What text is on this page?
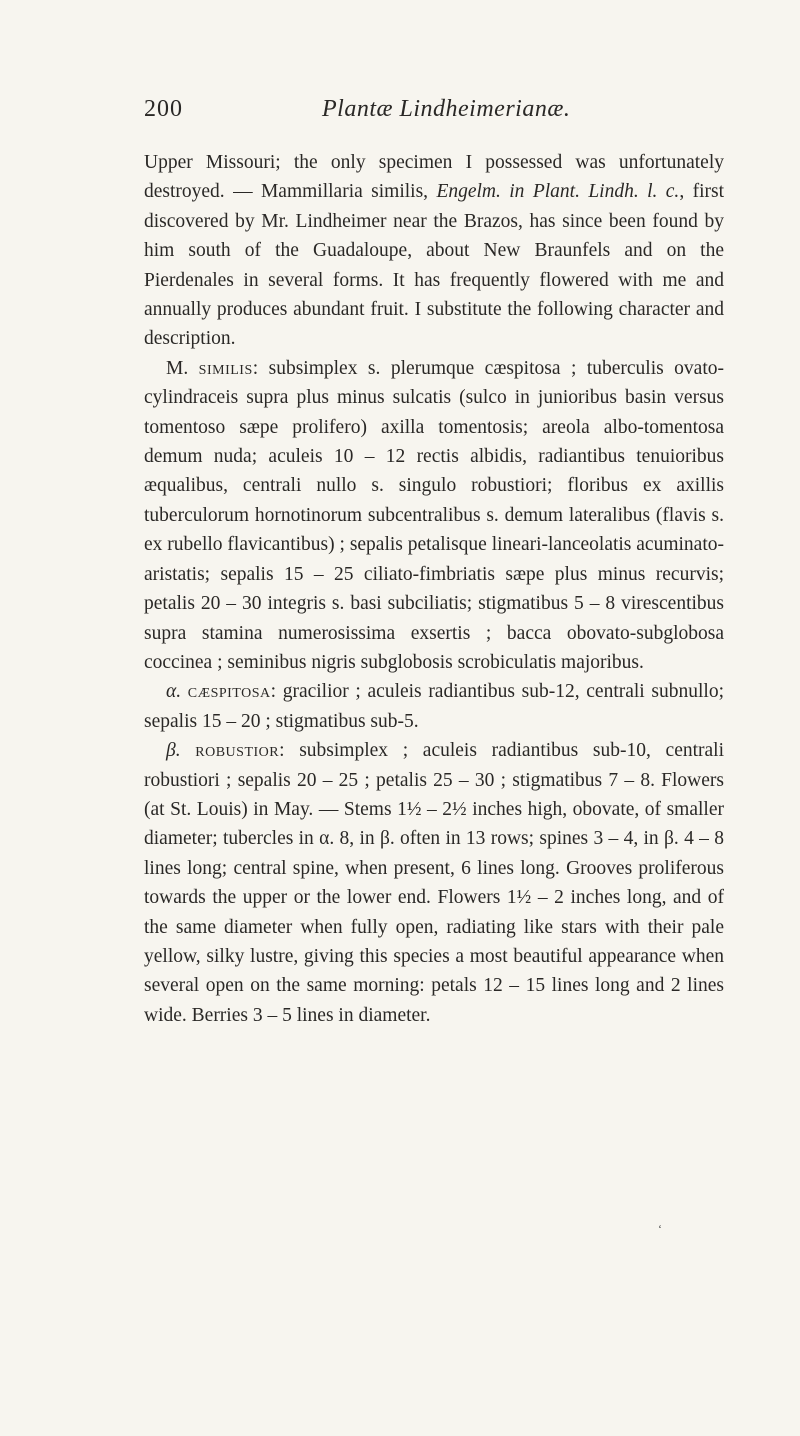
200	Plantæ Lindheimerianæ.

Upper Missouri; the only specimen I possessed was unfortunately destroyed. — Mammillaria similis, Engelm. in Plant. Lindh. l. c., first discovered by Mr. Lindheimer near the Brazos, has since been found by him south of the Guadaloupe, about New Braunfels and on the Pierdenales in several forms. It has frequently flowered with me and annually produces abundant fruit. I substitute the following character and description.

M. similis: subsimplex s. plerumque cæspitosa ; tuberculis ovato-cylindraceis supra plus minus sulcatis (sulco in junioribus basin versus tomentoso sæpe prolifero) axilla tomentosis; areola albo-tomentosa demum nuda; aculeis 10 – 12 rectis albidis, radiantibus tenuioribus æqualibus, centrali nullo s. singulo robustiori; floribus ex axillis tuberculorum hornotinorum subcentralibus s. demum lateralibus (flavis s. ex rubello flavicantibus) ; sepalis petalisque lineari-lanceolatis acuminato-aristatis; sepalis 15 – 25 ciliato-fimbriatis sæpe plus minus recurvis; petalis 20 – 30 integris s. basi subciliatis; stigmatibus 5 – 8 virescentibus supra stamina numerosissima exsertis ; bacca obovato-subglobosa coccinea ; seminibus nigris subglobosis scrobiculatis majoribus.

α. cæspitosa: gracilior ; aculeis radiantibus sub-12, centrali subnullo; sepalis 15 – 20 ; stigmatibus sub-5.

β. robustior: subsimplex ; aculeis radiantibus sub-10, centrali robustiori ; sepalis 20 – 25 ; petalis 25 – 30 ; stigmatibus 7 – 8. Flowers (at St. Louis) in May. — Stems 1½ – 2½ inches high, obovate, of smaller diameter; tubercles in α. 8, in β. often in 13 rows; spines 3 – 4, in β. 4 – 8 lines long; central spine, when present, 6 lines long. Grooves proliferous towards the upper or the lower end. Flowers 1½ – 2 inches long, and of the same diameter when fully open, radiating like stars with their pale yellow, silky lustre, giving this species a most beautiful appearance when several open on the same morning: petals 12 – 15 lines long and 2 lines wide. Berries 3 – 5 lines in diameter.

‘
